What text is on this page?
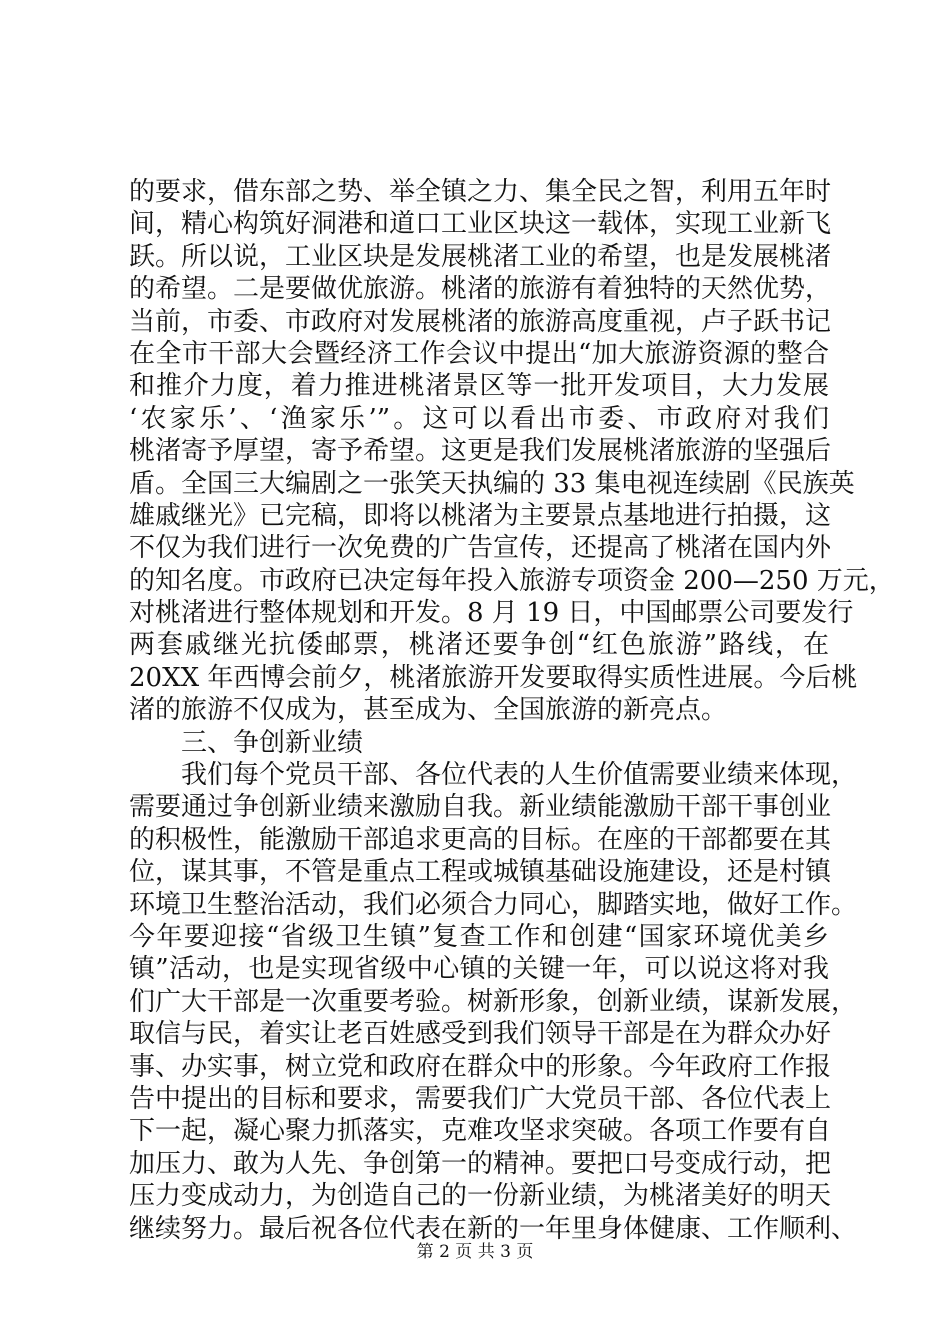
的要求，借东部之势、举全镇之力、集全民之智，利用五年时
间，精心构筑好洞港和道口工业区块这一载体，实现工业新飞
跃。所以说，工业区块是发展桃渚工业的希望，也是发展桃渚
的希望。二是要做优旅游。桃渚的旅游有着独特的天然优势，
当前，市委、市政府对发展桃渚的旅游高度重视，卢子跃书记
在全市干部大会暨经济工作会议中提出“加大旅游资源的整合
和推介力度，着力推进桃渚景区等一批开发项目，大力发展
‘农家乐’、‘渔家乐’”。这可以看出市委、市政府对我们
桃渚寄予厚望，寄予希望。这更是我们发展桃渚旅游的坚强后
盾。全国三大编剧之一张笑天执编的 33 集电视连续剧《民族英
雄戚继光》已完稿，即将以桃渚为主要景点基地进行拍摄，这
不仅为我们进行一次免费的广告宣传，还提高了桃渚在国内外
的知名度。市政府已决定每年投入旅游专项资金 200—250 万元，
对桃渚进行整体规划和开发。8 月 19 日，中国邮票公司要发行
两套戚继光抗倭邮票，桃渚还要争创“红色旅游”路线，在
20XX 年西博会前夕，桃渚旅游开发要取得实质性进展。今后桃
渚的旅游不仅成为，甚至成为、全国旅游的新亮点。
三、争创新业绩
我们每个党员干部、各位代表的人生价值需要业绩来体现，
需要通过争创新业绩来激励自我。新业绩能激励干部干事创业
的积极性，能激励干部追求更高的目标。在座的干部都要在其
位，谋其事，不管是重点工程或城镇基础设施建设，还是村镇
环境卫生整治活动，我们必须合力同心，脚踏实地，做好工作。
今年要迎接“省级卫生镇”复查工作和创建“国家环境优美乡
镇”活动，也是实现省级中心镇的关键一年，可以说这将对我
们广大干部是一次重要考验。树新形象，创新业绩，谋新发展，
取信与民，着实让老百姓感受到我们领导干部是在为群众办好
事、办实事，树立党和政府在群众中的形象。今年政府工作报
告中提出的目标和要求，需要我们广大党员干部、各位代表上
下一起，凝心聚力抓落实，克难攻坚求突破。各项工作要有自
加压力、敢为人先、争创第一的精神。要把口号变成行动，把
压力变成动力，为创造自己的一份新业绩，为桃渚美好的明天
继续努力。最后祝各位代表在新的一年里身体健康、工作顺利、
第 2 页 共 3 页
